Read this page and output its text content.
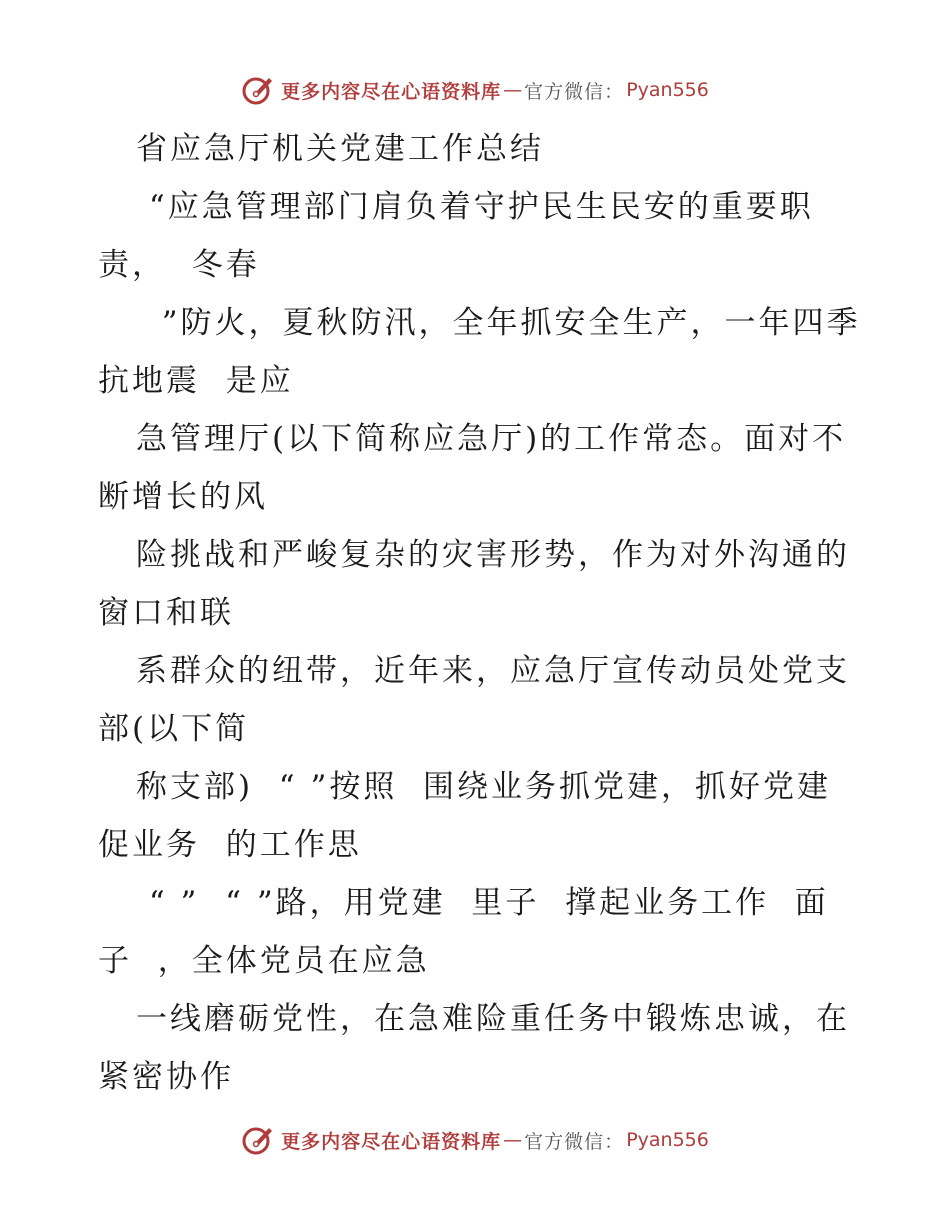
更多内容尽在心语资料库 — 官方微信： Pyan556
省应急厅机关党建工作总结
“应急管理部门肩负着守护民生民安的重要职
责，  冬春
”防火，夏秋防汛，全年抓安全生产，一年四季
抗地震  是应
急管理厅(以下简称应急厅)的工作常态。面对不
断增长的风
险挑战和严峻复杂的灾害形势，作为对外沟通的
窗口和联
系群众的纽带，近年来，应急厅宣传动员处党支
部(以下简
称支部)  “ ”按照  围绕业务抓党建，抓好党建
促业务  的工作思
“ ”  “ ”路，用党建  里子  撑起业务工作  面
子  ，全体党员在应急
一线磨砺党性，在急难险重任务中锻炼忠诚，在
紧密协作
更多内容尽在心语资料库 — 官方微信： Pyan556
